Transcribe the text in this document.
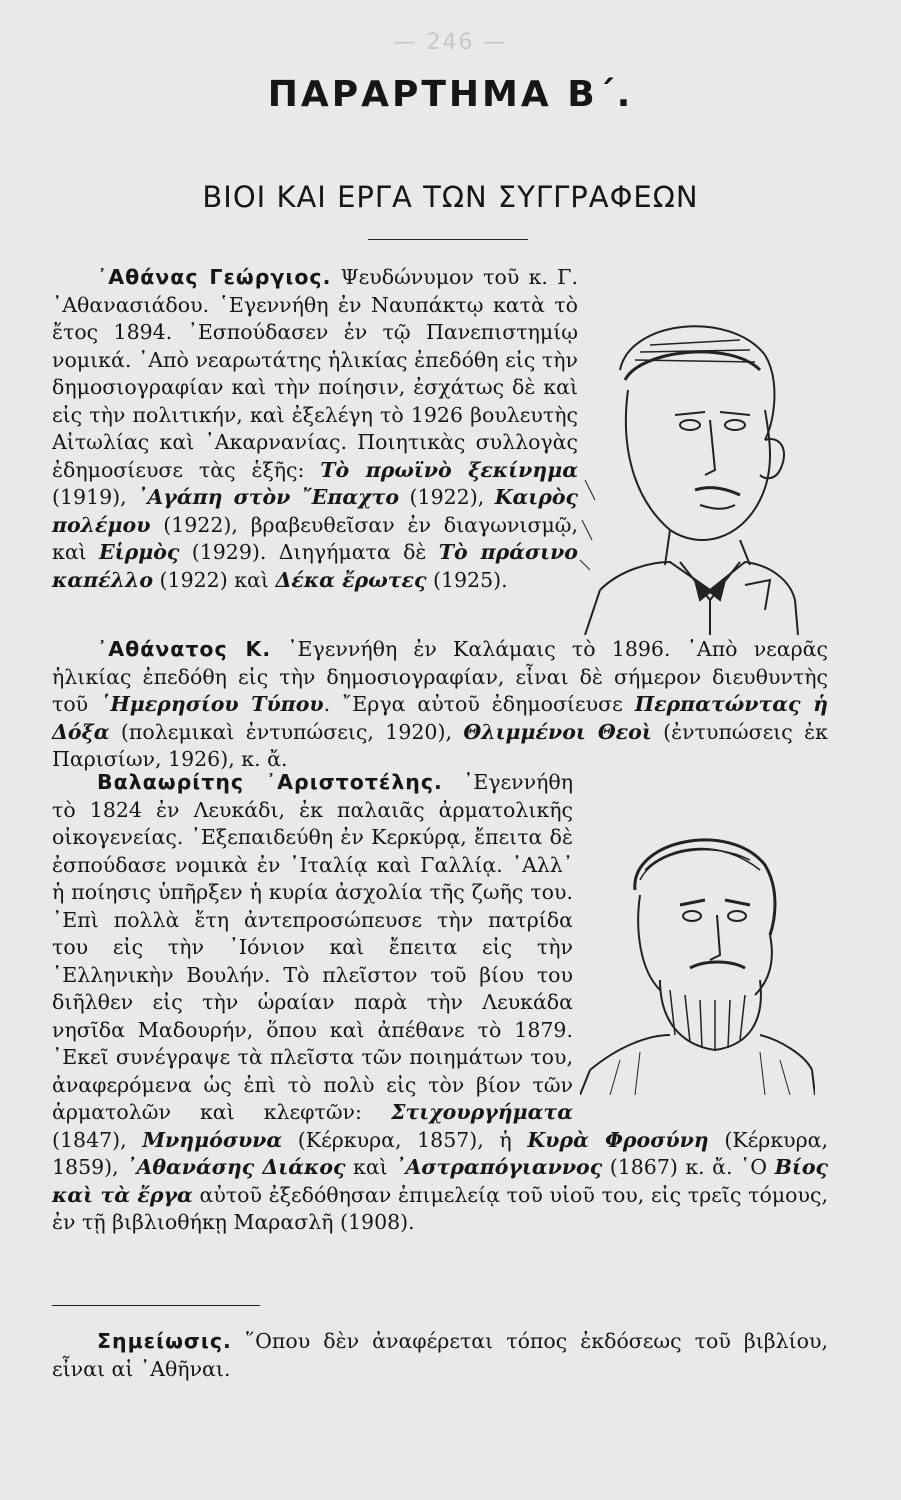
— 246 —
ΠΑΡΑΡΤΗΜΑ Β΄.
ΒΙΟΙ ΚΑΙ ΕΡΓΑ ΤΩΝ ΣΥΓΓΡΑΦΕΩΝ

᾿Αθάνας Γεώργιος. Ψευδώνυμον τοῦ κ. Γ. ᾿Αθανασιάδου. ῾Εγεννήθη ἐν Ναυπάκτῳ κατὰ τὸ ἔτος 1894. ᾿Εσπούδασεν ἐν τῷ Πανεπιστημίῳ νομικά. ᾿Απὸ νεαρωτάτης ἡλικίας ἐπεδόθη εἰς τὴν δημοσιογραφίαν καὶ τὴν ποίησιν, ἐσχάτως δὲ καὶ εἰς τὴν πολιτικήν, καὶ ἐξελέγη τὸ 1926 βουλευτὴς Αἰτωλίας καὶ ᾿Ακαρνανίας. Ποιητικὰς συλλογὰς ἐδημοσίευσε τὰς ἑξῆς: Τὸ πρωϊνὸ ξεκίνημα (1919), ᾿Αγάπη στὸν ῎Επαχτο (1922), Καιρὸς πολέμου (1922), βραβευθεῖσαν ἐν διαγωνισμῷ, καὶ Εἱρμὸς (1929). Διηγήματα δὲ Τὸ πράσινο καπέλλο (1922) καὶ Δέκα ἔρωτες (1925).

᾿Αθάνατος Κ. ᾿Εγεννήθη ἐν Καλάμαις τὸ 1896. ᾿Απὸ νεαρᾶς ἡλικίας ἐπεδόθη εἰς τὴν δημοσιογραφίαν, εἶναι δὲ σήμερον διευθυντὴς τοῦ ῾Ημερησίου Τύπου. ῎Εργα αὐτοῦ ἐδημοσίευσε Περπατώντας ἡ Δόξα (πολεμικαὶ ἐντυπώσεις, 1920), Θλιμμένοι Θεοὶ (ἐντυπώσεις ἐκ Παρισίων, 1926), κ. ἄ.

Βαλαωρίτης ᾿Αριστοτέλης. ᾿Εγεννήθη τὸ 1824 ἐν Λευκάδι, ἐκ παλαιᾶς ἀρματολικῆς οἰκογενείας. ᾿Εξεπαιδεύθη ἐν Κερκύρᾳ, ἔπειτα δὲ ἐσπούδασε νομικὰ ἐν ᾿Ιταλίᾳ καὶ Γαλλίᾳ. ᾿Αλλ᾿ ἡ ποίησις ὑπῆρξεν ἡ κυρία ἀσχολία τῆς ζωῆς του. ᾿Επὶ πολλὰ ἔτη ἀντεπροσώπευσε τὴν πατρίδα του εἰς τὴν ᾿Ιόνιον καὶ ἔπειτα εἰς τὴν ῾Ελληνικὴν Βουλήν. Τὸ πλεῖστον τοῦ βίου του διῆλθεν εἰς τὴν ὡραίαν παρὰ τὴν Λευκάδα νησῖδα Μαδουρήν, ὅπου καὶ ἀπέθανε τὸ 1879. ᾿Εκεῖ συνέγραψε τὰ πλεῖστα τῶν ποιημάτων του, ἀναφερόμενα ὡς ἐπὶ τὸ πολὺ εἰς τὸν βίον τῶν ἁρματολῶν καὶ κλεφτῶν: Στιχουργήματα (1847), Μνημόσυνα (Κέρκυρα, 1857), ἡ Κυρὰ Φροσύνη (Κέρκυρα, 1859), ᾿Αθανάσης Διάκος καὶ ᾿Αστραπόγιαννος (1867) κ. ἄ. ῾Ο Βίος καὶ τὰ ἔργα αὐτοῦ ἐξεδόθησαν ἐπιμελείᾳ τοῦ υἱοῦ του, εἰς τρεῖς τόμους, ἐν τῇ βιβλιοθήκῃ Μαρασλῆ (1908).

Σημείωσις. ῞Οπου δὲν ἀναφέρεται τόπος ἐκδόσεως τοῦ βιβλίου, εἶναι αἱ ᾿Αθῆναι.
